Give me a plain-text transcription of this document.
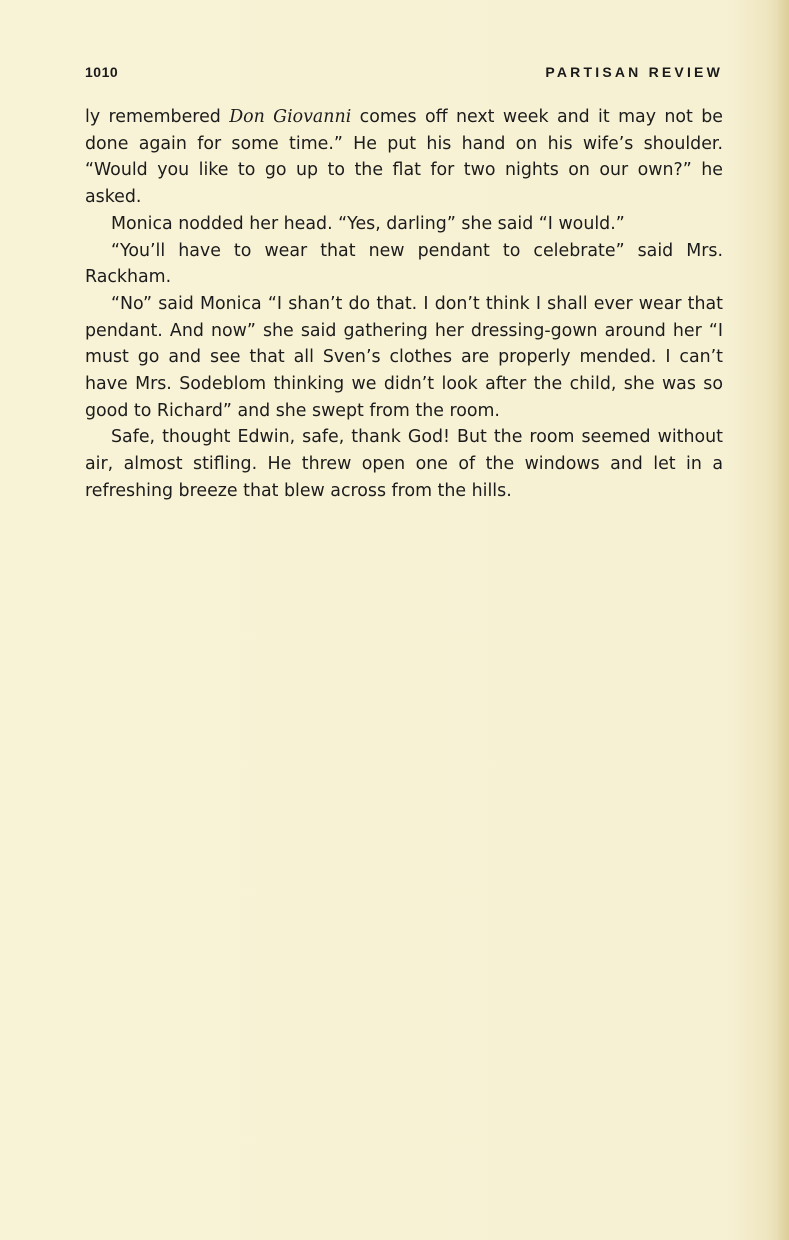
1010	PARTISAN REVIEW

ly remembered Don Giovanni comes off next week and it may not be done again for some time.” He put his hand on his wife’s shoulder. “Would you like to go up to the flat for two nights on our own?” he asked.

Monica nodded her head. “Yes, darling” she said “I would.”

“You’ll have to wear that new pendant to celebrate” said Mrs. Rackham.

“No” said Monica “I shan’t do that. I don’t think I shall ever wear that pendant. And now” she said gathering her dressing-gown around her “I must go and see that all Sven’s clothes are properly mended. I can’t have Mrs. Sodeblom thinking we didn’t look after the child, she was so good to Richard” and she swept from the room.

Safe, thought Edwin, safe, thank God! But the room seemed without air, almost stifling. He threw open one of the windows and let in a refreshing breeze that blew across from the hills.
